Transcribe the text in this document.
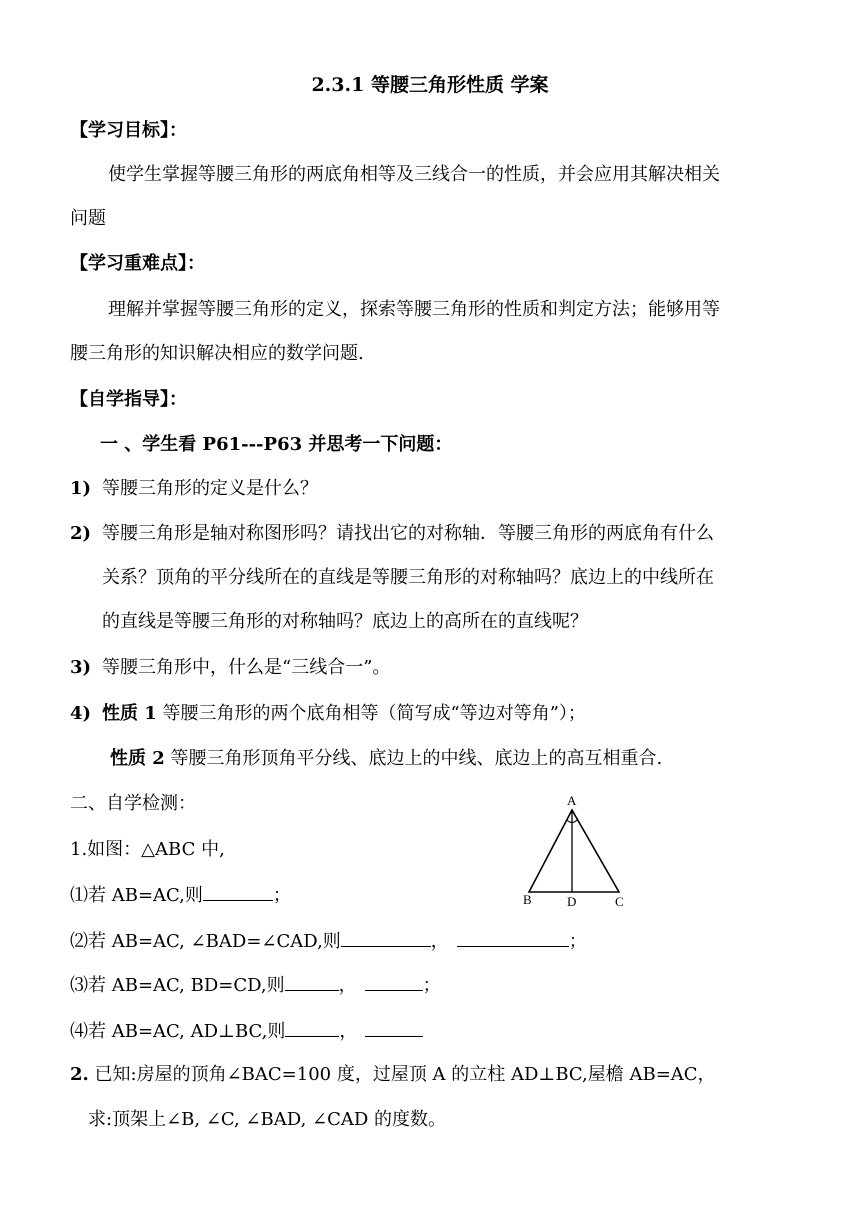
2.3.1 等腰三角形性质 学案
【学习目标】：
使学生掌握等腰三角形的两底角相等及三线合一的性质，并会应用其解决相关
问题
【学习重难点】：
理解并掌握等腰三角形的定义，探索等腰三角形的性质和判定方法；能够用等
腰三角形的知识解决相应的数学问题.
【自学指导】：
一 、学生看 P61---P63 并思考一下问题：
1) 等腰三角形的定义是什么？
2) 等腰三角形是轴对称图形吗？请找出它的对称轴．等腰三角形的两底角有什么
关系？顶角的平分线所在的直线是等腰三角形的对称轴吗？底边上的中线所在
的直线是等腰三角形的对称轴吗？底边上的高所在的直线呢？
3) 等腰三角形中，什么是“三线合一”。
4) 性质 1 等腰三角形的两个底角相等（简写成“等边对等角”）；
性质 2 等腰三角形顶角平分线、底边上的中线、底边上的高互相重合.
二、自学检测：
1.如图：△ABC 中,
⑴若 AB=AC,则	；
⑵若 AB=AC, ∠BAD=∠CAD,则	，	；
⑶若 AB=AC, BD=CD,则	，	；
⑷若 AB=AC, AD⊥BC,则	，
2. 已知:房屋的顶角∠BAC=100 度，过屋顶 A 的立柱 AD⊥BC,屋檐 AB=AC，
求:顶架上∠B, ∠C, ∠BAD, ∠CAD 的度数。
A
B	C
D
